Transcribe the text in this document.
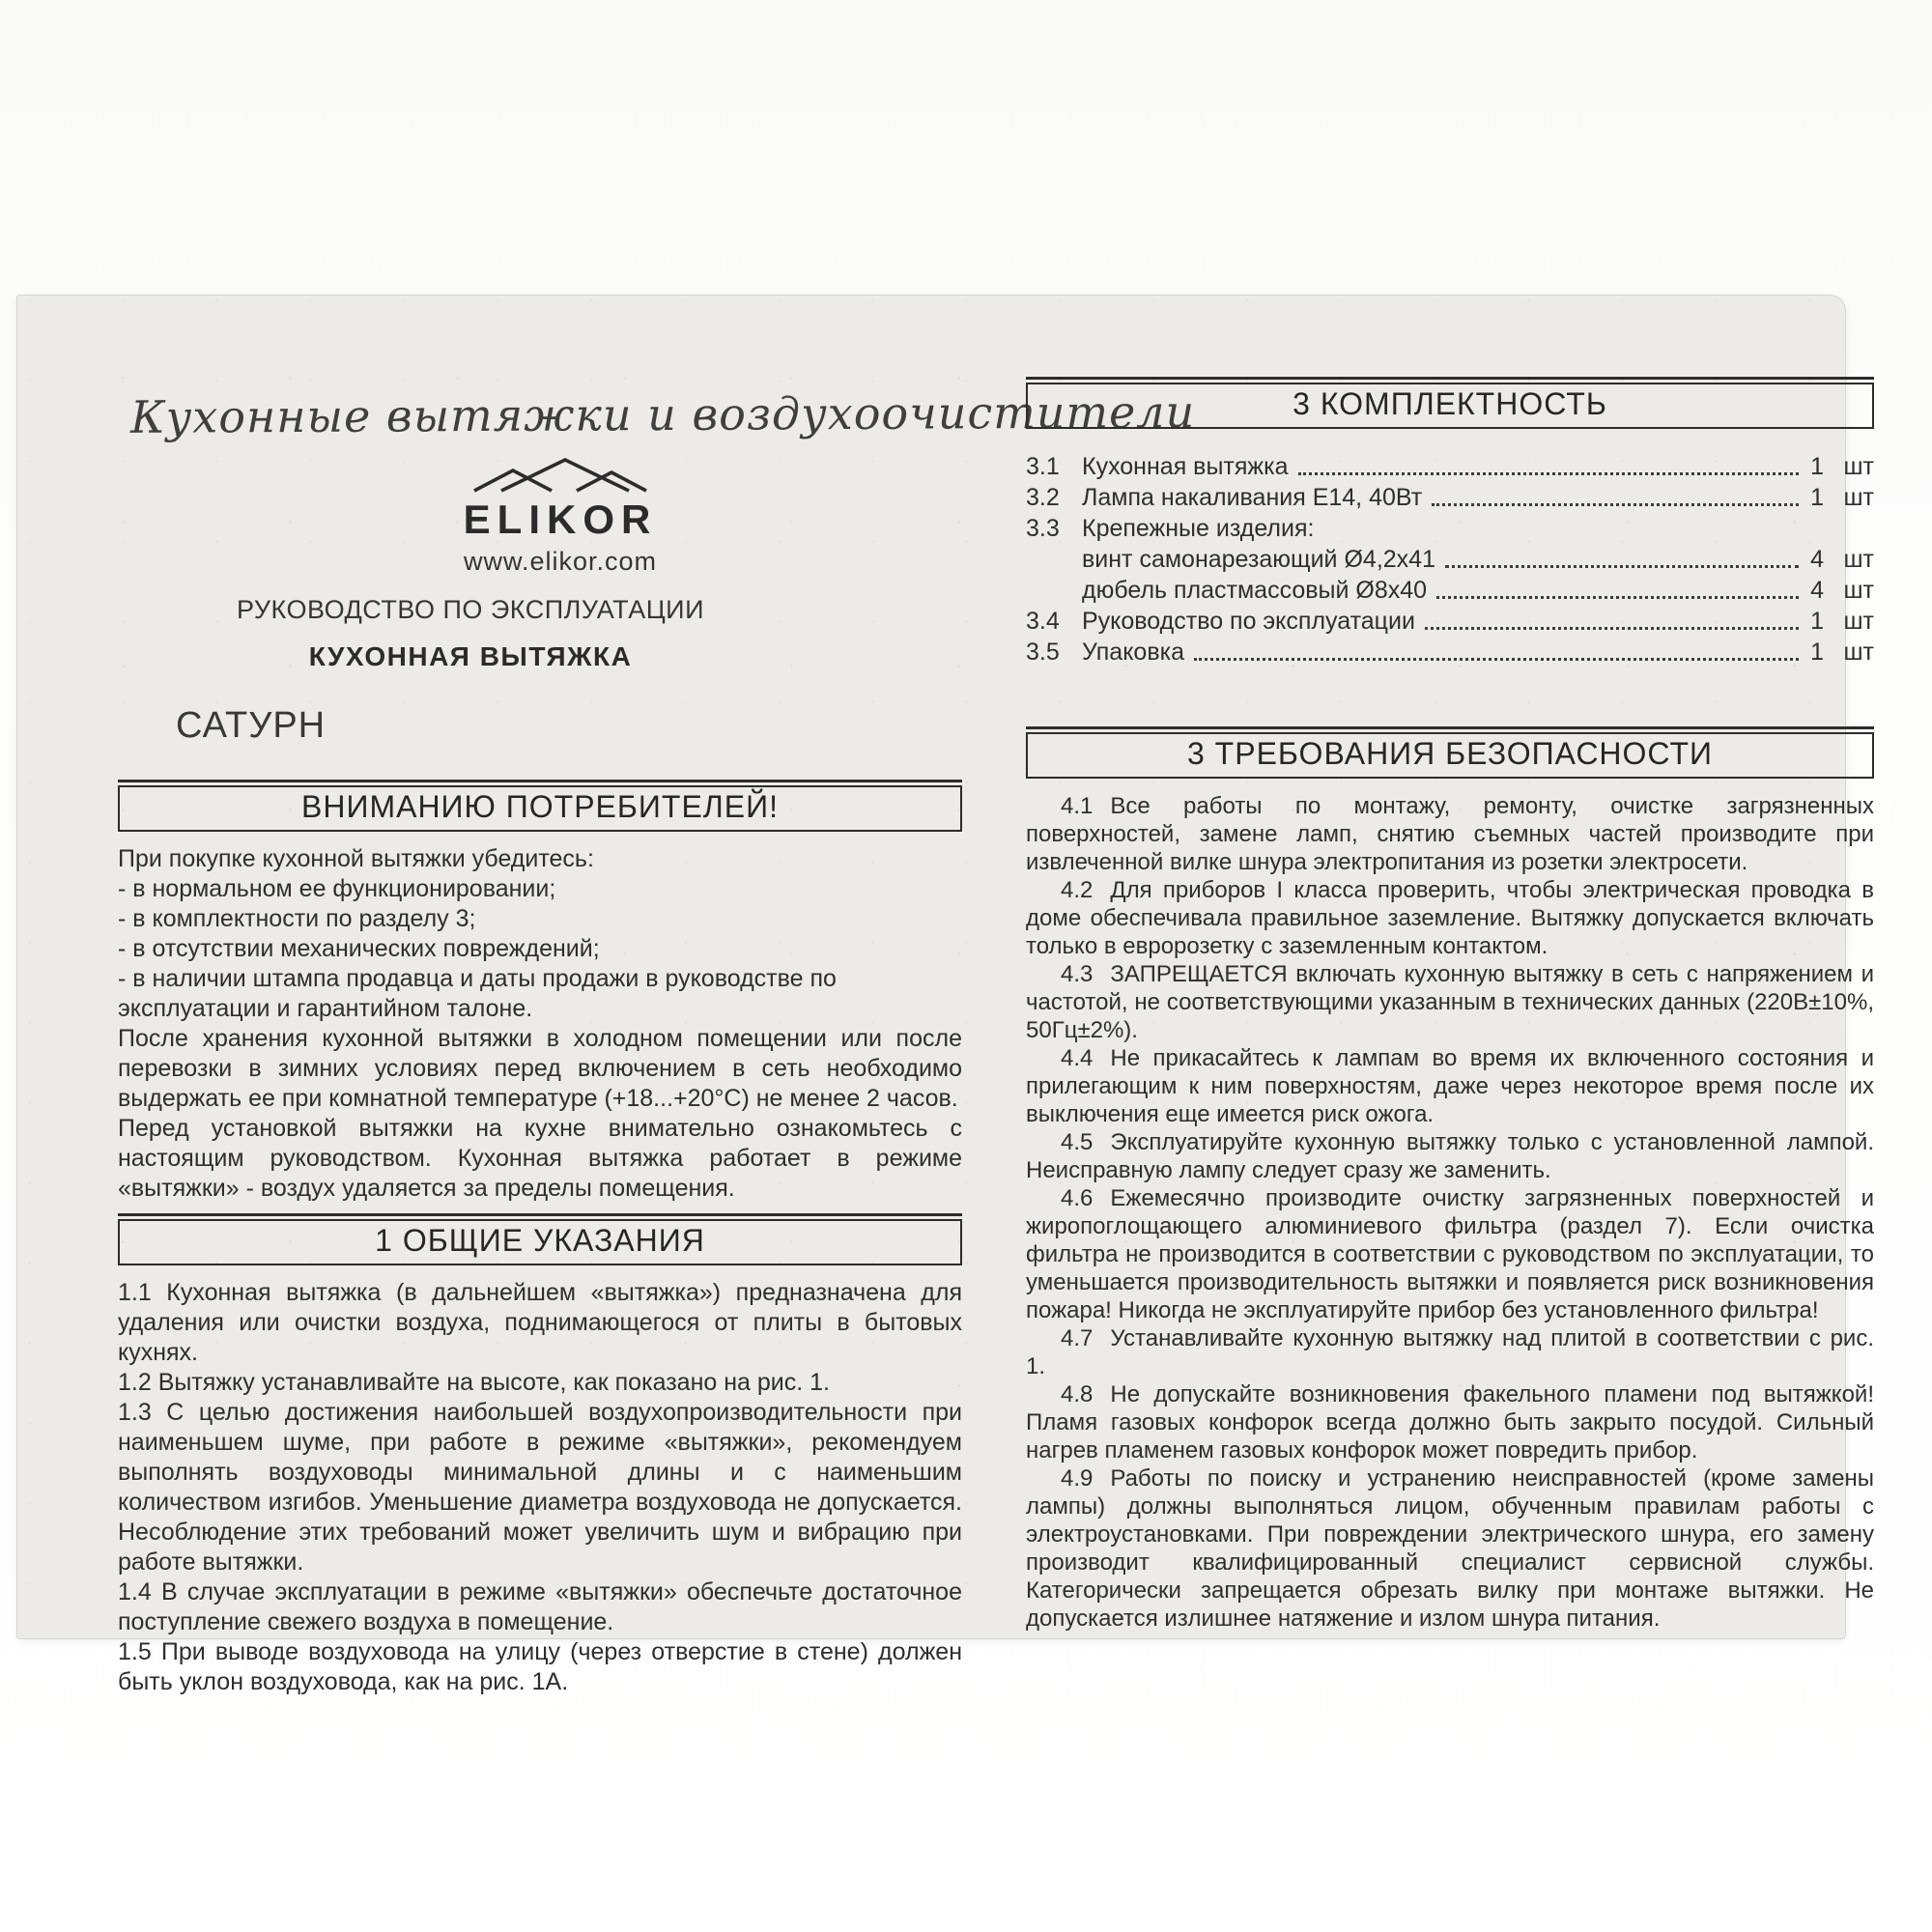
Кухонные вытяжки и воздухоочистители
ELIKOR
www.elikor.com
РУКОВОДСТВО ПО ЭКСПЛУАТАЦИИ
КУХОННАЯ ВЫТЯЖКА
САТУРН
ВНИМАНИЮ ПОТРЕБИТЕЛЕЙ!

При покупке кухонной вытяжки убедитесь:

- в нормальном ее функционировании;

- в комплектности по разделу 3;

- в отсутствии механических повреждений;

- в наличии штампа продавца и даты продажи в руководстве по эксплуатации и гарантийном талоне.

После хранения кухонной вытяжки в холодном помещении или после перевозки в зимних условиях перед включением в сеть необходимо выдержать ее при комнатной температуре (+18...+20°С) не менее 2 часов.

Перед установкой вытяжки на кухне внимательно ознакомьтесь с настоящим руководством. Кухонная вытяжка работает в режиме «вытяжки» - воздух удаляется за пределы помещения.

1 ОБЩИЕ УКАЗАНИЯ

1.1 Кухонная вытяжка (в дальнейшем «вытяжка») предназначена для удаления или очистки воздуха, поднимающегося от плиты в бытовых кухнях.

1.2 Вытяжку устанавливайте на высоте, как показано на рис. 1.

1.3 С целью достижения наибольшей воздухопроизводительности при наименьшем шуме, при работе в режиме «вытяжки», рекомендуем выполнять воздуховоды минимальной длины и с наименьшим количеством изгибов. Уменьшение диаметра воздуховода не допускается. Несоблюдение этих требований может увеличить шум и вибрацию при работе вытяжки.

1.4 В случае эксплуатации в режиме «вытяжки» обеспечьте достаточное поступление свежего воздуха в помещение.

1.5 При выводе воздуховода на улицу (через отверстие в стене) должен быть уклон воздуховода, как на рис. 1А.

3 КОМПЛЕКТНОСТЬ
3.1 Кухонная вытяжка	1 шт
3.2 Лампа накаливания Е14, 40Вт	1 шт
3.3 Крепежные изделия:
винт самонарезающий Ø4,2х41	4 шт
дюбель пластмассовый Ø8х40	4 шт
3.4 Руководство по эксплуатации	1 шт
3.5 Упаковка	1 шт
3 ТРЕБОВАНИЯ БЕЗОПАСНОСТИ

4.1 Все работы по монтажу, ремонту, очистке загрязненных поверхностей, замене ламп, снятию съемных частей производите при извлеченной вилке шнура электропитания из розетки электросети.

4.2 Для приборов I класса проверить, чтобы электрическая проводка в доме обеспечивала правильное заземление. Вытяжку допускается включать только в евророзетку с заземленным контактом.

4.3 ЗАПРЕЩАЕТСЯ включать кухонную вытяжку в сеть с напряжением и частотой, не соответствующими указанным в технических данных (220В±10%, 50Гц±2%).

4.4 Не прикасайтесь к лампам во время их включенного состояния и прилегающим к ним поверхностям, даже через некоторое время после их выключения еще имеется риск ожога.

4.5 Эксплуатируйте кухонную вытяжку только с установленной лампой. Неисправную лампу следует сразу же заменить.

4.6 Ежемесячно производите очистку загрязненных поверхностей и жиропоглощающего алюминиевого фильтра (раздел 7). Если очистка фильтра не производится в соответствии с руководством по эксплуатации, то уменьшается производительность вытяжки и появляется риск возникновения пожара! Никогда не эксплуатируйте прибор без установленного фильтра!

4.7 Устанавливайте кухонную вытяжку над плитой в соответствии с рис. 1.

4.8 Не допускайте возникновения факельного пламени под вытяжкой! Пламя газовых конфорок всегда должно быть закрыто посудой. Сильный нагрев пламенем газовых конфорок может повредить прибор.

4.9 Работы по поиску и устранению неисправностей (кроме замены лампы) должны выполняться лицом, обученным правилам работы с электроустановками. При повреждении электрического шнура, его замену производит квалифицированный специалист сервисной службы. Категорически запрещается обрезать вилку при монтаже вытяжки. Не допускается излишнее натяжение и излом шнура питания.
